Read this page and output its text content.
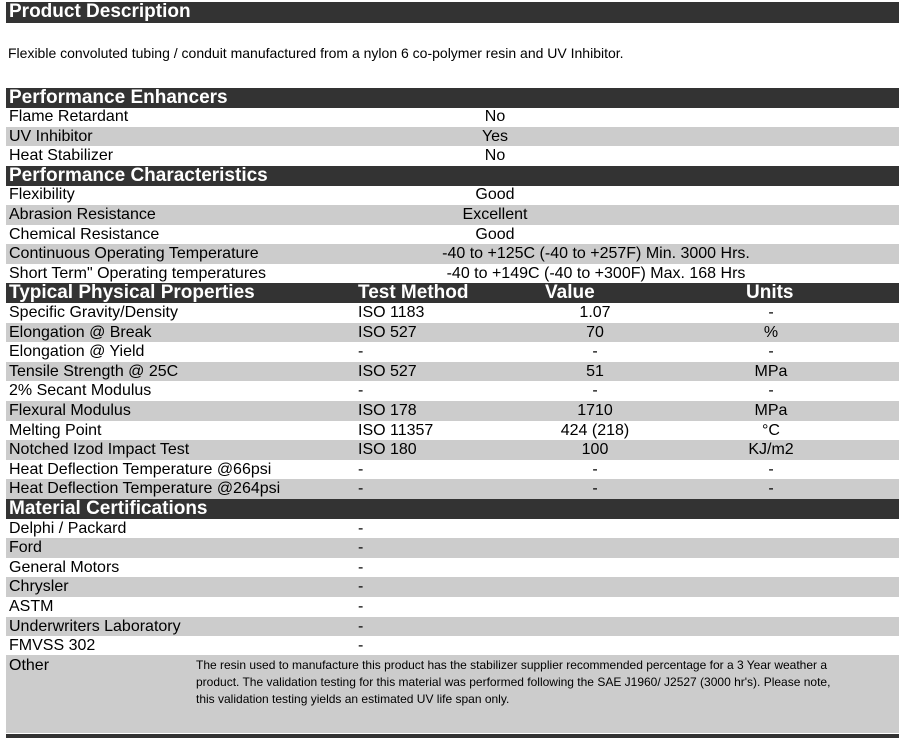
Product Description
Flexible convoluted tubing / conduit manufactured from a nylon 6 co-polymer resin and UV Inhibitor.
Performance Enhancers
Flame Retardant	No
UV Inhibitor	Yes
Heat Stabilizer	No
Performance Characteristics
Flexibility	Good
Abrasion Resistance	Excellent
Chemical Resistance	Good
Continuous Operating Temperature	-40 to +125C (-40 to +257F) Min. 3000 Hrs.
Short Term" Operating temperatures	-40 to +149C (-40 to +300F) Max. 168 Hrs
Typical Physical Properties	Test Method	Value	Units
Specific Gravity/Density	ISO 1183	1.07	-
Elongation @ Break	ISO 527	70	%
Elongation @ Yield	-	-	-
Tensile Strength @ 25C	ISO 527	51	MPa
2% Secant Modulus	-	-	-
Flexural Modulus	ISO 178	1710	MPa
Melting Point	ISO 11357	424 (218)	°C
Notched Izod Impact Test	ISO 180	100	KJ/m2
Heat Deflection Temperature @66psi	-	-	-
Heat Deflection Temperature @264psi	-	-	-
Material Certifications
Delphi / Packard	-
Ford	-
General Motors	-
Chrysler	-
ASTM	-
Underwriters Laboratory	-
FMVSS 302	-
Other	The resin used to manufacture this product has the stabilizer supplier recommended percentage for a 3 Year weather a
product. The validation testing for this material was performed following the SAE J1960/ J2527 (3000 hr's). Please note,
this validation testing yields an estimated UV life span only.
